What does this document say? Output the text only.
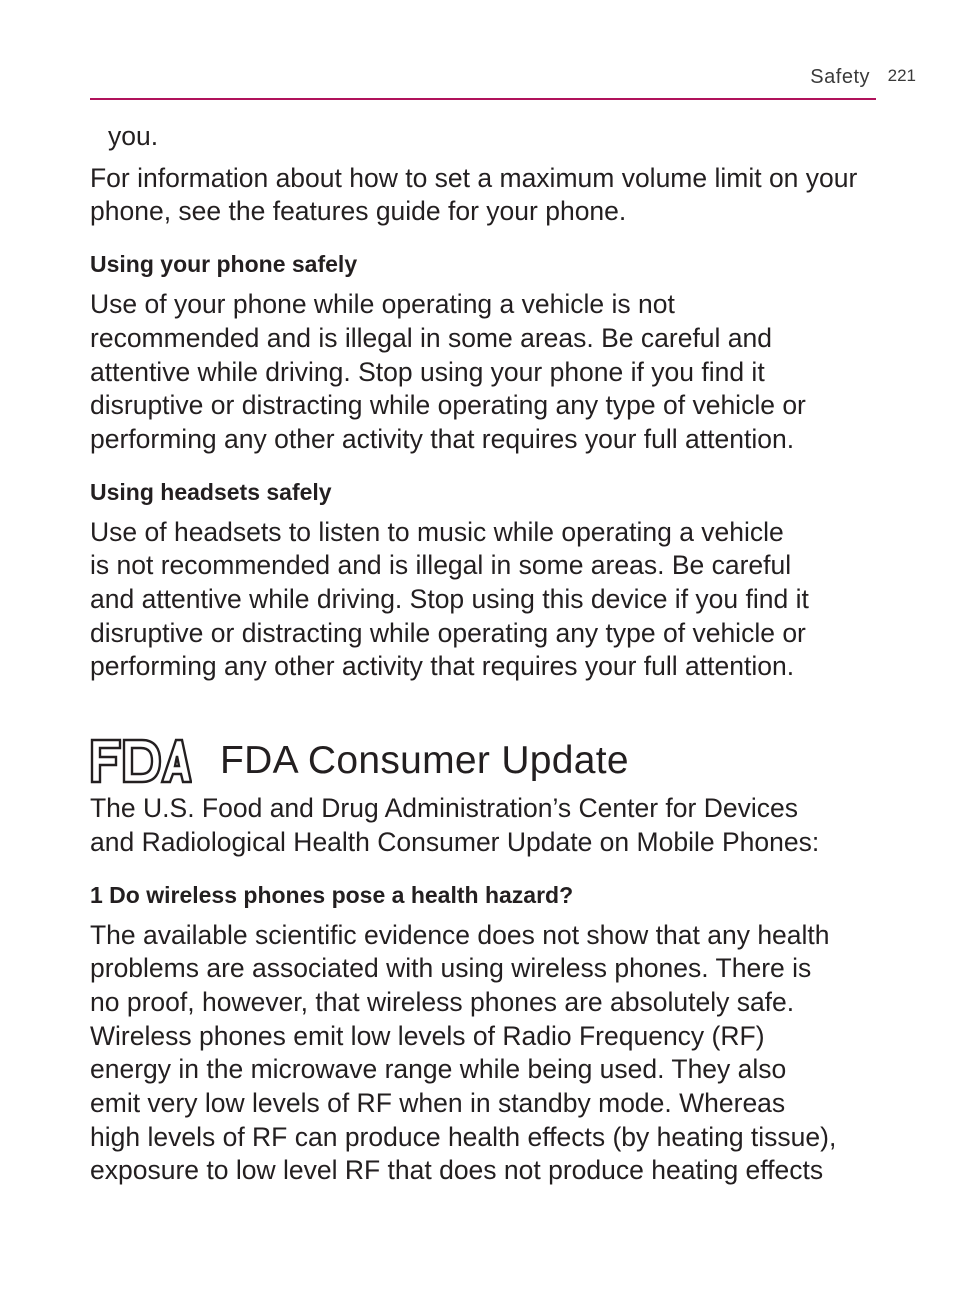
Safety 221

you.

For information about how to set a maximum volume limit on your phone, see the features guide for your phone.

Using your phone safely

Use of your phone while operating a vehicle is not

recommended and is illegal in some areas. Be careful and

attentive while driving. Stop using your phone if you find it

disruptive or distracting while operating any type of vehicle or

performing any other activity that requires your full attention.

Using headsets safely

Use of headsets to listen to music while operating a vehicle

is not recommended and is illegal in some areas. Be careful

and attentive while driving. Stop using this device if you find it

disruptive or distracting while operating any type of vehicle or

performing any other activity that requires your full attention.

FDA Consumer Update

The U.S. Food and Drug Administration’s Center for Devices

and Radiological Health Consumer Update on Mobile Phones:

1 Do wireless phones pose a health hazard?

The available scientific evidence does not show that any health

problems are associated with using wireless phones. There is

no proof, however, that wireless phones are absolutely safe.

Wireless phones emit low levels of Radio Frequency (RF)

energy in the microwave range while being used. They also

emit very low levels of RF when in standby mode. Whereas

high levels of RF can produce health effects (by heating tissue),

exposure to low level RF that does not produce heating effects
